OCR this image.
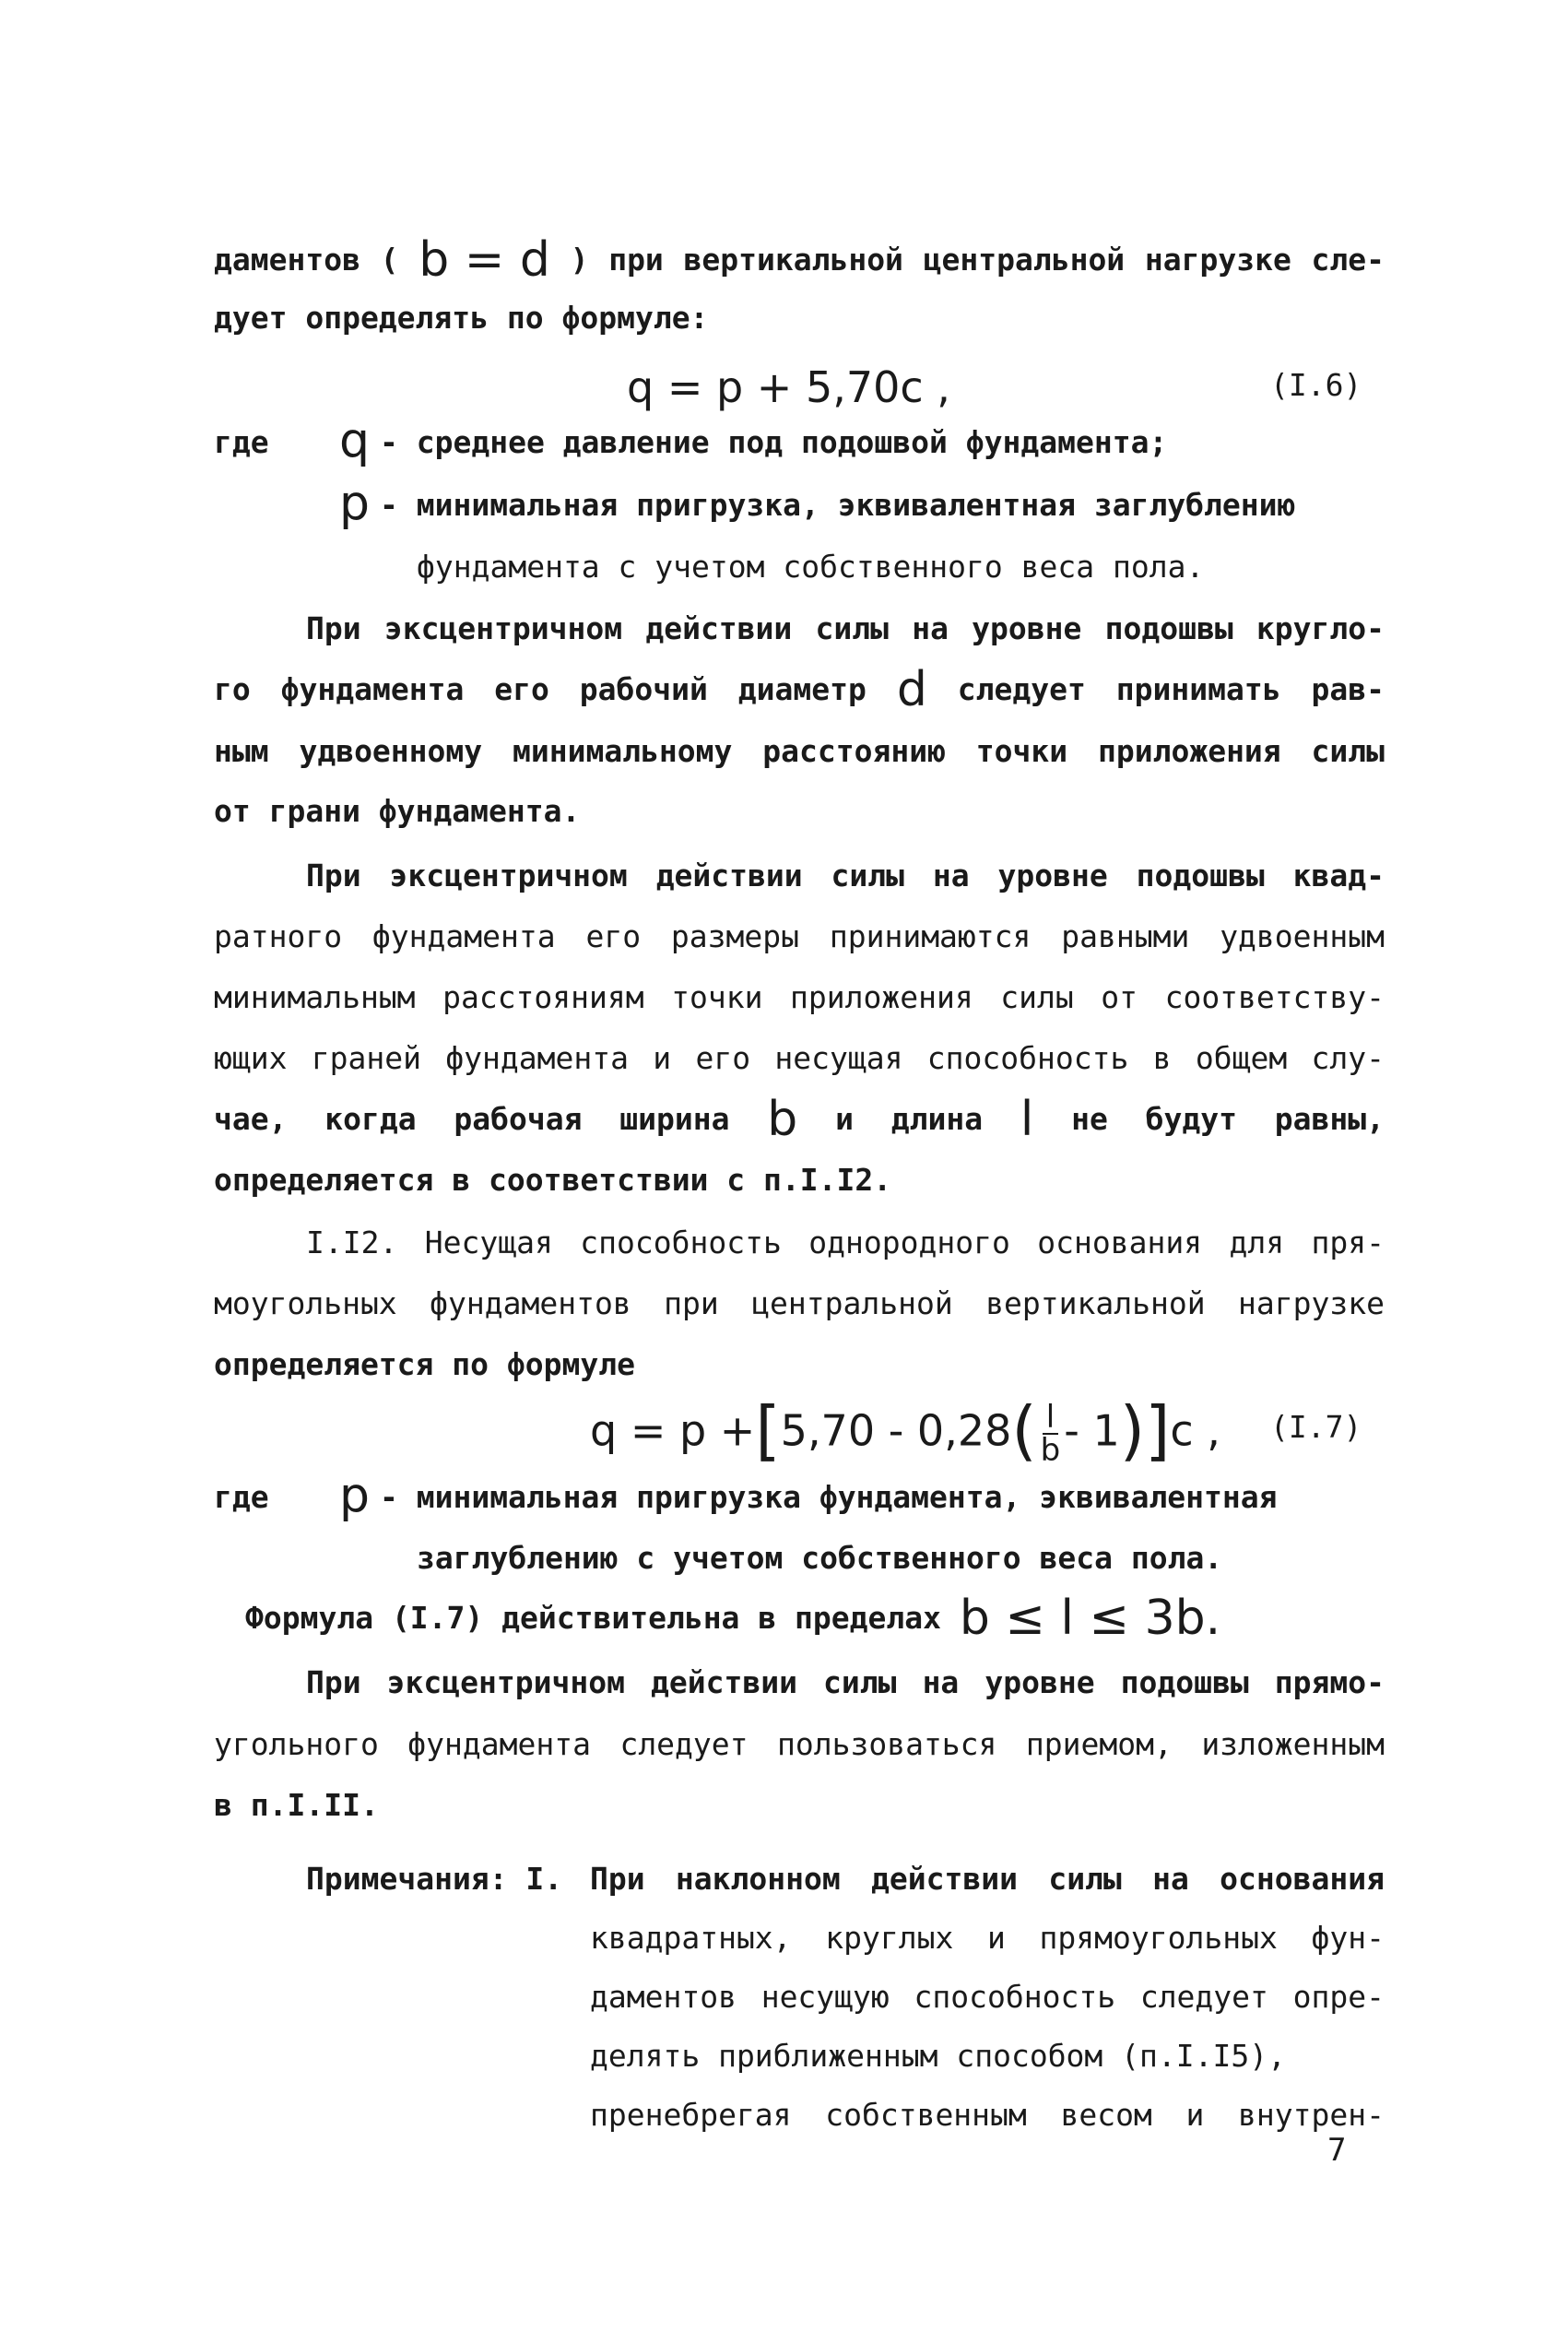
даментов ( b = d ) при вертикальной центральной нагрузке сле-
дует определять по формуле:
q = p + 5,70c ,	(I.6)
где	q - среднее давление под подошвой фундамента;
p - минимальная пригрузка, эквивалентная заглублению
фундамента с учетом собственного веса пола.
При эксцентричном действии силы на уровне подошвы кругло-
го фундамента его рабочий диаметр d следует принимать рав-
ным удвоенному минимальному расстоянию точки приложения силы
от грани фундамента.
При эксцентричном действии силы на уровне подошвы квад-
ратного фундамента его размеры принимаются равными удвоенным
минимальным расстояниям точки приложения силы от соответству-
ющих граней фундамента и его несущая способность в общем слу-
чае, когда рабочая ширина b и длина l не будут равны,
определяется в соответствии с п.I.I2.
I.I2. Несущая способность однородного основания для пря-
моугольных фундаментов при центральной вертикальной нагрузке
определяется по формуле
$q = p +[5,70 - 0,28( \frac{l}{b} - 1)]c$ , (I.7)
где	p - минимальная пригрузка фундамента, эквивалентная
заглублению с учетом собственного веса пола.
Формула (I.7) действительна в пределах b ≤ l ≤ 3b.
При эксцентричном действии силы на уровне подошвы прямо-
угольного фундамента следует пользоваться приемом, изложенным
в п.I.II.
Примечания: I. При наклонном действии силы на основания
квадратных, круглых и прямоугольных фун-
даментов несущую способность следует опре-
делять приближенным способом (п.I.I5),
пренебрегая собственным весом и внутрен-
7
